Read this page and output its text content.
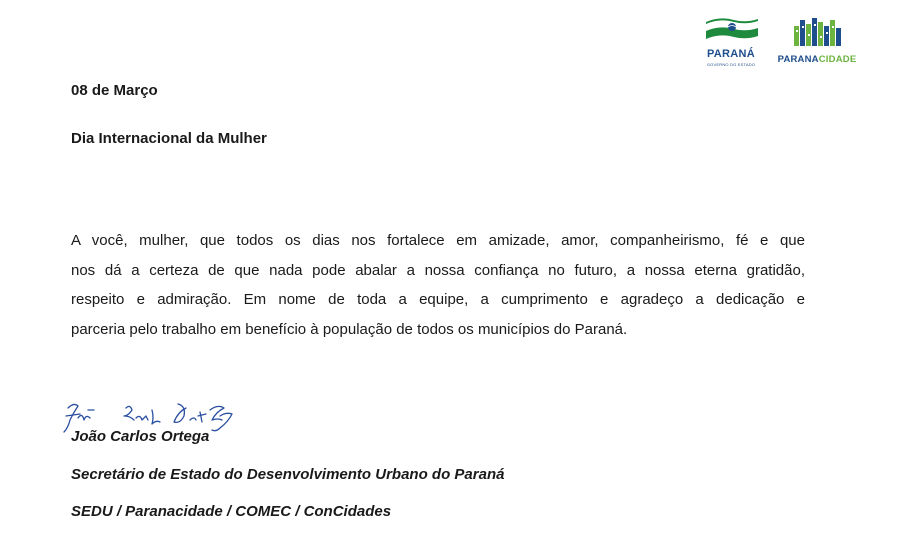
PARANÁ
GOVERNO DO ESTADO	PARANACIDADE
08 de Março
Dia Internacional da Mulher
A você, mulher, que todos os dias nos fortalece em amizade, amor, companheirismo, fé e que
nos dá a certeza de que nada pode abalar a nossa confiança no futuro, a nossa eterna gratidão,
respeito e admiração. Em nome de toda a equipe, a cumprimento e agradeço a dedicação e
parceria pelo trabalho em benefício à população de todos os municípios do Paraná.
João Carlos Ortega
Secretário de Estado do Desenvolvimento Urbano do Paraná
SEDU / Paranacidade / COMEC / ConCidades
